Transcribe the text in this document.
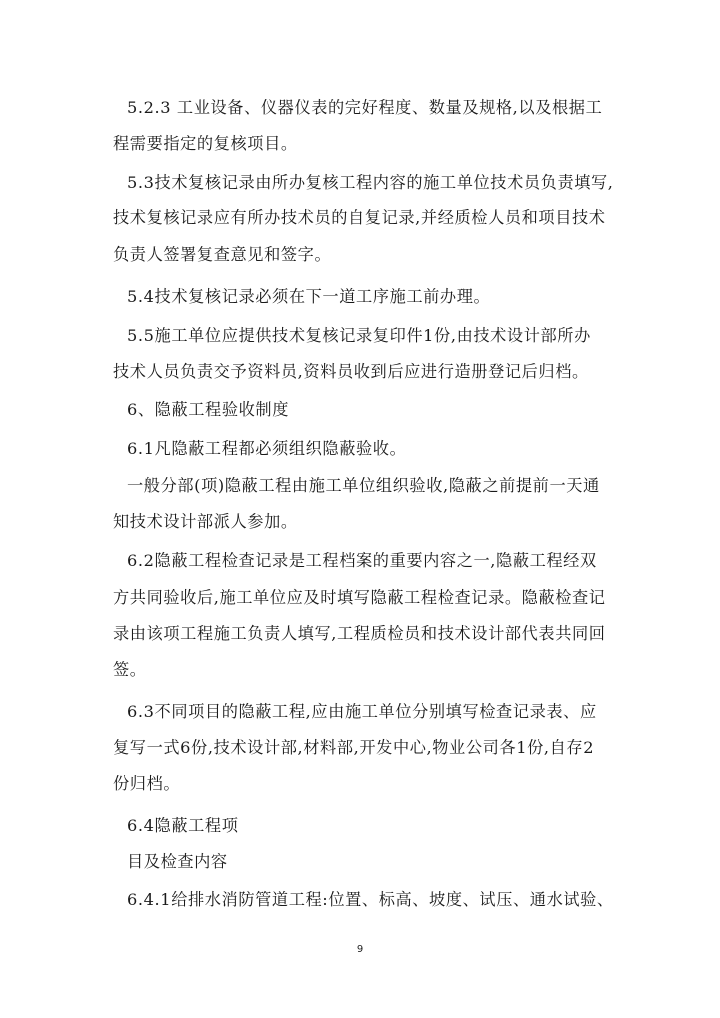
5.2.3 工业设备、仪器仪表的完好程度、数量及规格,以及根据工
程需要指定的复核项目。
5.3技术复核记录由所办复核工程内容的施工单位技术员负责填写,
技术复核记录应有所办技术员的自复记录,并经质检人员和项目技术
负责人签署复查意见和签字。
5.4技术复核记录必须在下一道工序施工前办理。
5.5施工单位应提供技术复核记录复印件1份,由技术设计部所办
技术人员负责交予资料员,资料员收到后应进行造册登记后归档。
6、隐蔽工程验收制度
6.1凡隐蔽工程都必须组织隐蔽验收。
一般分部(项)隐蔽工程由施工单位组织验收,隐蔽之前提前一天通
知技术设计部派人参加。
6.2隐蔽工程检查记录是工程档案的重要内容之一,隐蔽工程经双
方共同验收后,施工单位应及时填写隐蔽工程检查记录。隐蔽检查记
录由该项工程施工负责人填写,工程质检员和技术设计部代表共同回
签。
6.3不同项目的隐蔽工程,应由施工单位分别填写检查记录表、应
复写一式6份,技术设计部,材料部,开发中心,物业公司各1份,自存2
份归档。
6.4隐蔽工程项
目及检查内容
6.4.1给排水消防管道工程:位置、标高、坡度、试压、通水试验、
9
